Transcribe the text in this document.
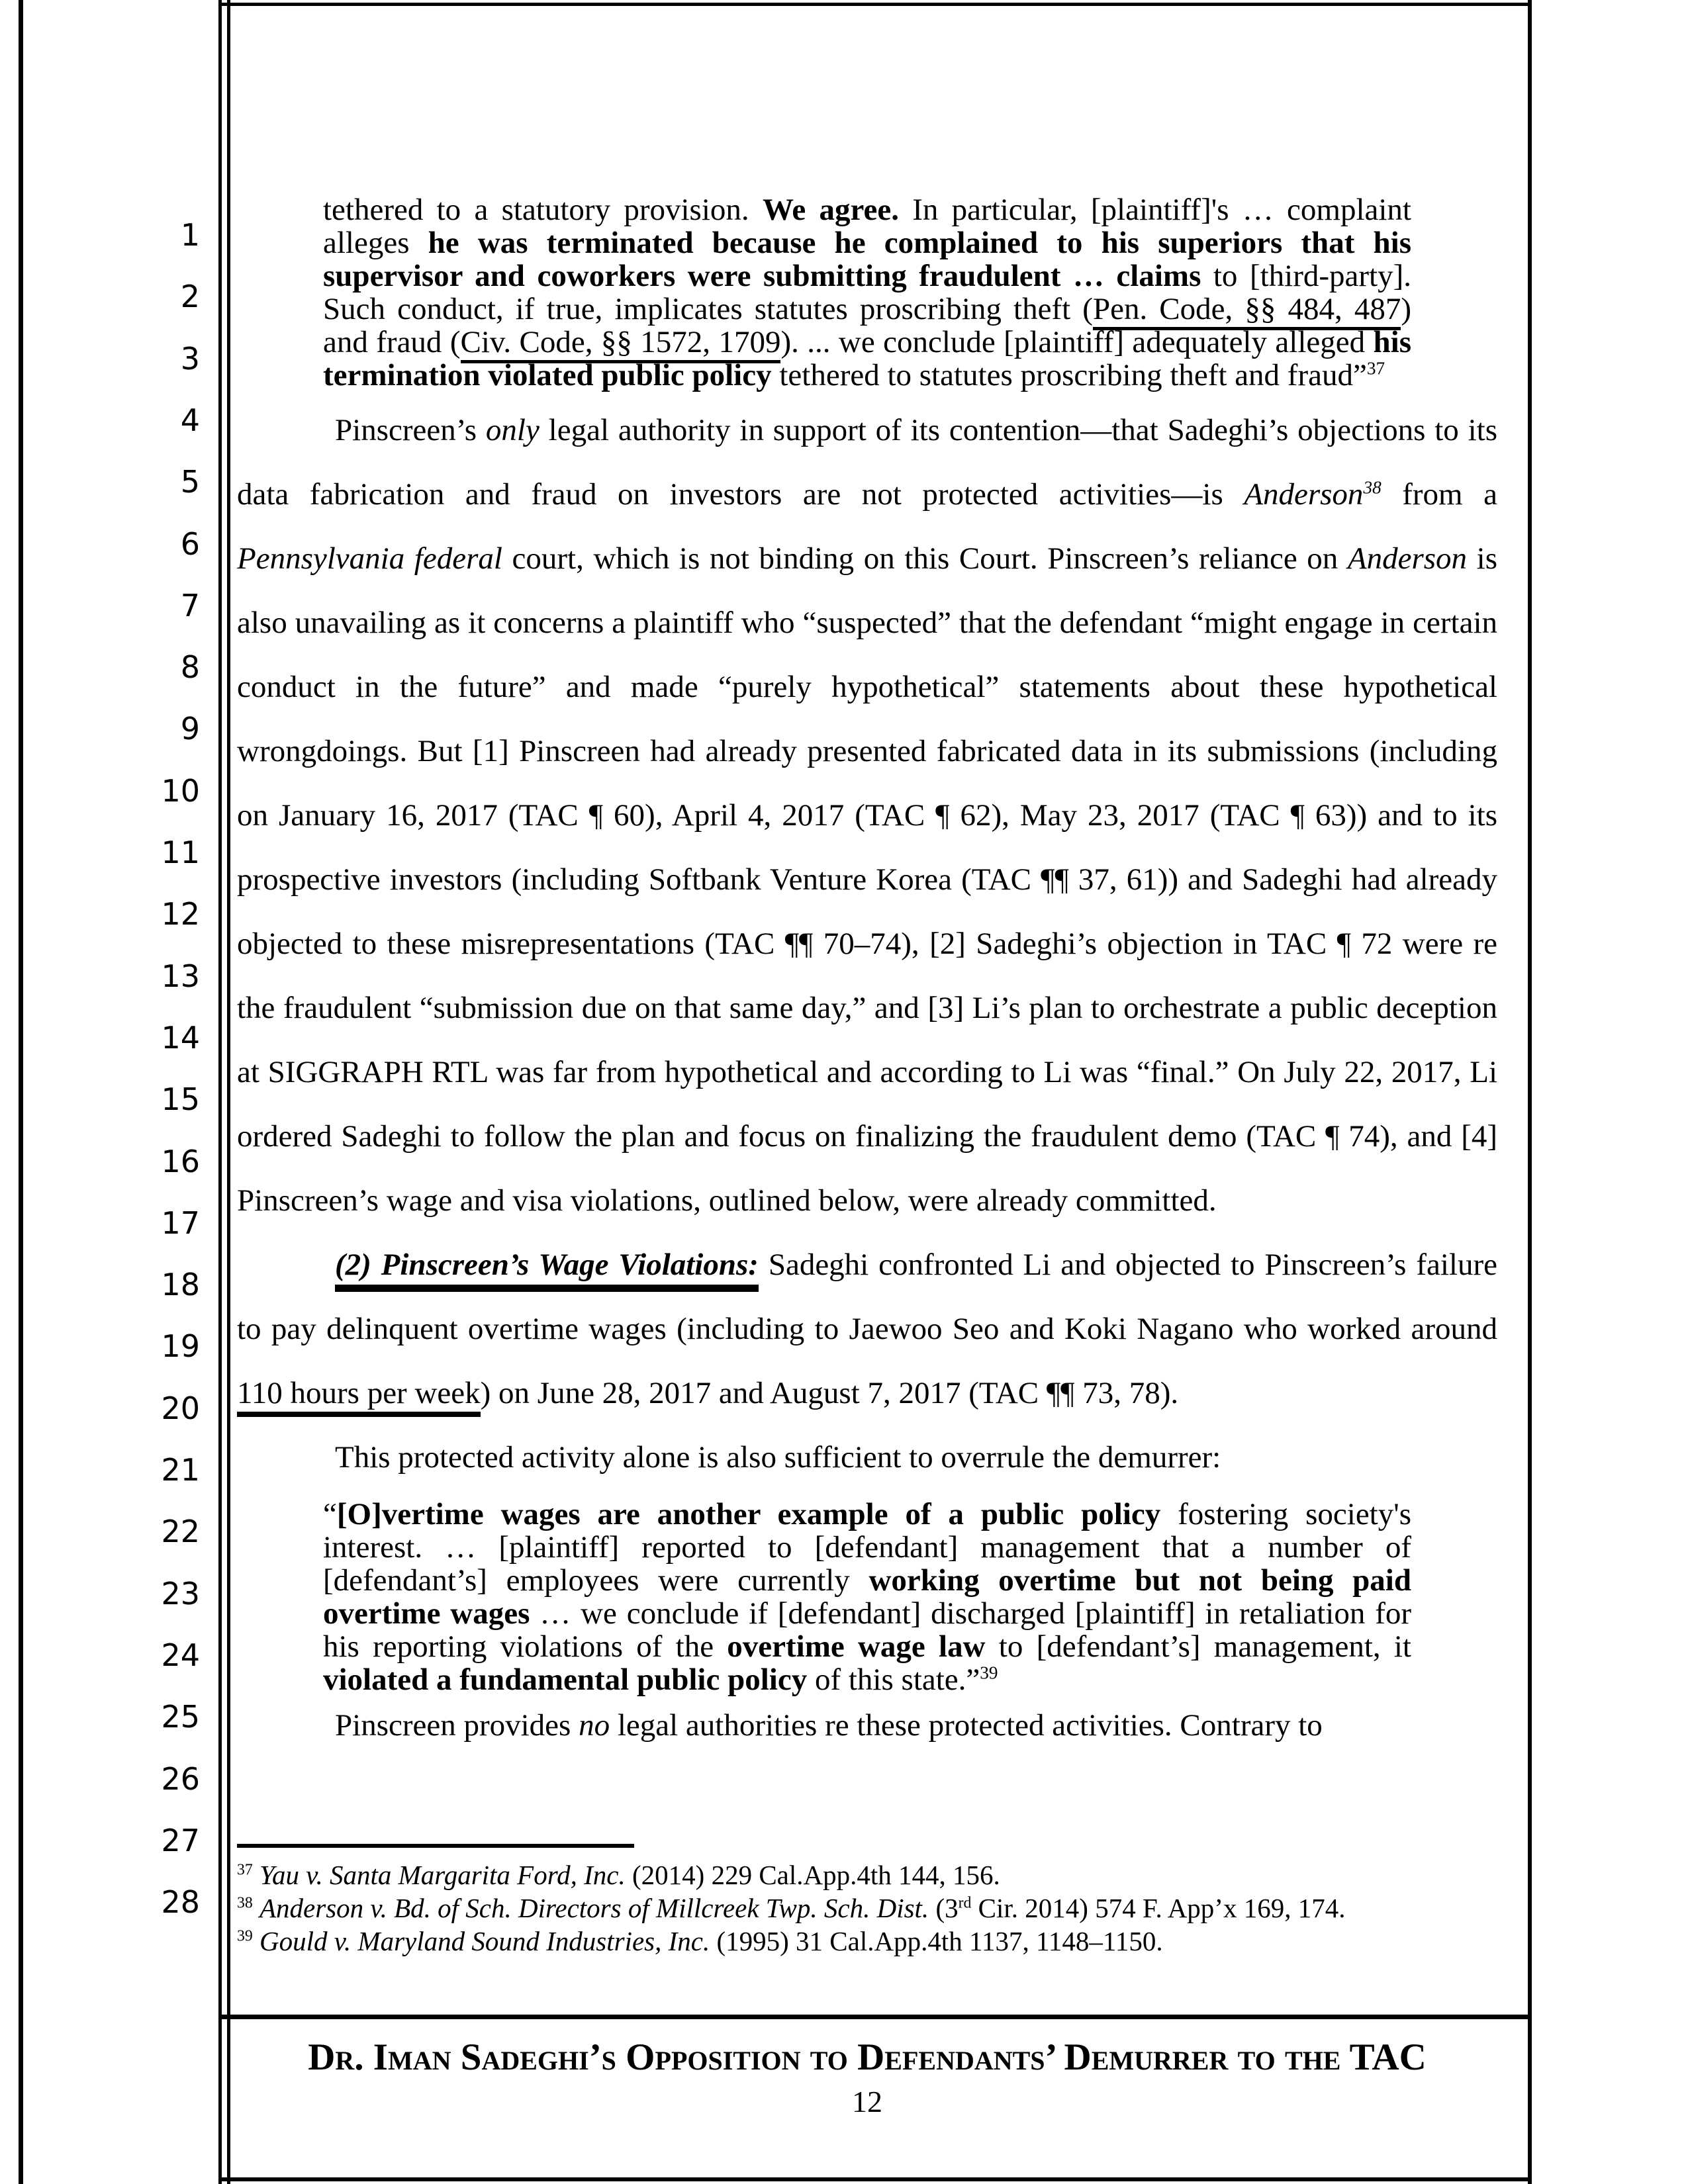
1
2
3
4
5
6
7
8
9
10
11
12
13
14
15
16
17
18
19
20
21
22
23
24
25
26
27
28
tethered to a statutory provision. We agree. In particular, [plaintiff]'s … complaint alleges he was terminated because he complained to his superiors that his supervisor and coworkers were submitting fraudulent … claims to [third-party]. Such conduct, if true, implicates statutes proscribing theft (Pen. Code, §§ 484, 487) and fraud (Civ. Code, §§ 1572, 1709). ... we conclude [plaintiff] adequately alleged his termination violated public policy tethered to statutes proscribing theft and fraud”$^{37}$

Pinscreen’s only legal authority in support of its contention—that Sadeghi’s objections to its data fabrication and fraud on investors are not protected activities—is Anderson$^{38}$ from a Pennsylvania federal court, which is not binding on this Court. Pinscreen’s reliance on Anderson is also unavailing as it concerns a plaintiff who “suspected” that the defendant “might engage in certain conduct in the future” and made “purely hypothetical” statements about these hypothetical wrongdoings. But [1] Pinscreen had already presented fabricated data in its submissions (including on January 16, 2017 (TAC ¶ 60), April 4, 2017 (TAC ¶ 62), May 23, 2017 (TAC ¶ 63)) and to its prospective investors (including Softbank Venture Korea (TAC ¶¶ 37, 61)) and Sadeghi had already objected to these misrepresentations (TAC ¶¶ 70–74), [2] Sadeghi’s objection in TAC ¶ 72 were re the fraudulent “submission due on that same day,” and [3] Li’s plan to orchestrate a public deception at SIGGRAPH RTL was far from hypothetical and according to Li was “final.” On July 22, 2017, Li ordered Sadeghi to follow the plan and focus on finalizing the fraudulent demo (TAC ¶ 74), and [4] Pinscreen’s wage and visa violations, outlined below, were already committed.

(2) Pinscreen’s Wage Violations: Sadeghi confronted Li and objected to Pinscreen’s failure to pay delinquent overtime wages (including to Jaewoo Seo and Koki Nagano who worked around 110 hours per week) on June 28, 2017 and August 7, 2017 (TAC ¶¶ 73, 78).

This protected activity alone is also sufficient to overrule the demurrer:

“[O]vertime wages are another example of a public policy fostering society's interest. … [plaintiff] reported to [defendant] management that a number of [defendant’s] employees were currently working overtime but not being paid overtime wages … we conclude if [defendant] discharged [plaintiff] in retaliation for his reporting violations of the overtime wage law to [defendant’s] management, it violated a fundamental public policy of this state.”$^{39}$

Pinscreen provides no legal authorities re these protected activities. Contrary to

$^{37}$ Yau v. Santa Margarita Ford, Inc. (2014) 229 Cal.App.4th 144, 156.
$^{38}$ Anderson v. Bd. of Sch. Directors of Millcreek Twp. Sch. Dist. (3rd Cir. 2014) 574 F. App’x 169, 174.
$^{39}$ Gould v. Maryland Sound Industries, Inc. (1995) 31 Cal.App.4th 1137, 1148–1150.
Dr. Iman Sadeghi’s Opposition to Defendants’ Demurrer to the TAC
12
